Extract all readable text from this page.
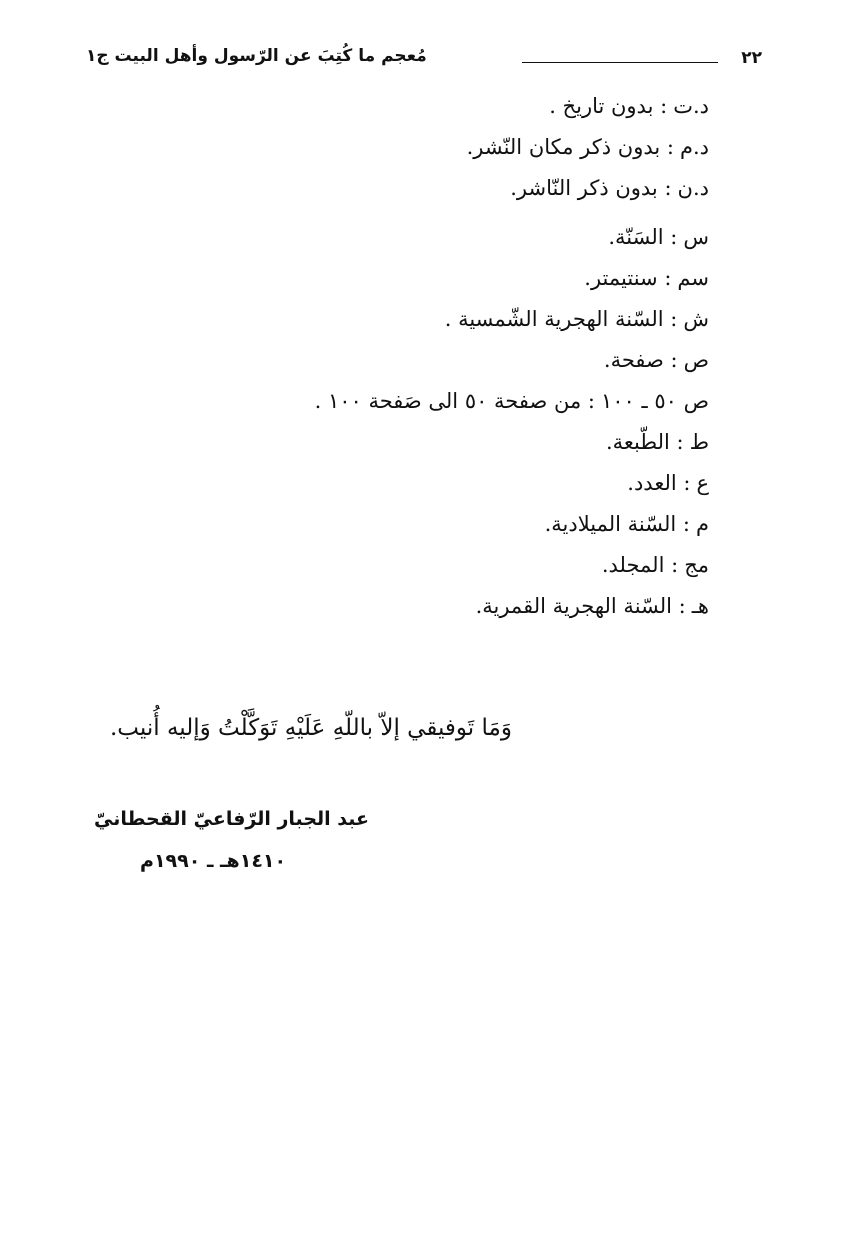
٢٢
مُعجم ما كُتِبَ عن الرّسول وأهل البيت ج١
د.ت: بدون تاريخ .
د.م: بدون ذكر مكان النّشر.
د.ن: بدون ذكر النّاشر.
س: السَنّة.
سم: سنتيمتر.
ش: السّنة الهجرية الشّمسية .
ص: صفحة.
ص ٥٠ ـ ١٠٠: من صفحة ٥٠ الى صَفحة ١٠٠ .
ط: الطّبعة.
ع: العدد.
م: السّنة الميلادية.
مج: المجلد.
هـ: السّنة الهجرية القمرية.
وَمَا تَوفيقي إلاّ باللّهِ عَلَيْهِ تَوَكَّلْتُ وَإليه أُنيب.
عبد الجبار الرّفاعيّ القحطانيّ
١٤١٠هـ ـ ١٩٩٠م
